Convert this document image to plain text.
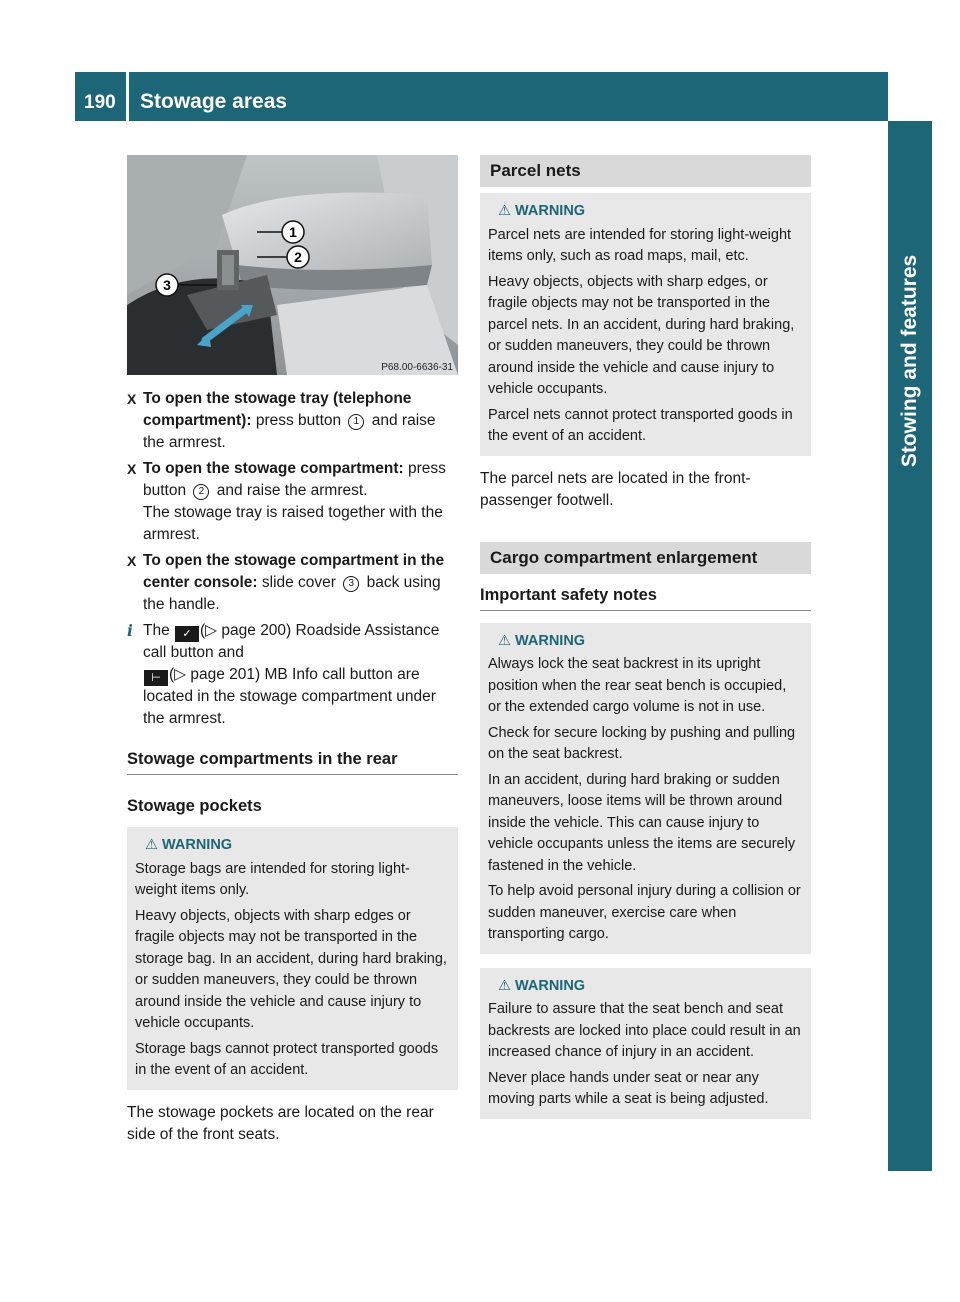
190 Stowage areas
Stowing and features
1
2
3
P68.00-6636-31
X To open the stowage tray (telephone compartment): press button 1 and raise the armrest.

X To open the stowage compartment: press button 2 and raise the armrest.

The stowage tray is raised together with the armrest.

X To open the stowage compartment in the center console: slide cover 3 back using the handle.

i The ✓ (▷ page 200) Roadside Assistance call button and
⊢ (▷ page 201) MB Info call button are located in the stowage compartment under the armrest.

Stowage compartments in the rear
Stowage pockets
⚠ WARNING

Storage bags are intended for storing light-weight items only.

Heavy objects, objects with sharp edges or fragile objects may not be transported in the storage bag. In an accident, during hard braking, or sudden maneuvers, they could be thrown around inside the vehicle and cause injury to vehicle occupants.

Storage bags cannot protect transported goods in the event of an accident.

The stowage pockets are located on the rear side of the front seats.

Parcel nets
⚠ WARNING

Parcel nets are intended for storing light-weight items only, such as road maps, mail, etc.

Heavy objects, objects with sharp edges, or fragile objects may not be transported in the parcel nets. In an accident, during hard braking, or sudden maneuvers, they could be thrown around inside the vehicle and cause injury to vehicle occupants.

Parcel nets cannot protect transported goods in the event of an accident.

The parcel nets are located in the front-passenger footwell.

Cargo compartment enlargement
Important safety notes
⚠ WARNING

Always lock the seat backrest in its upright position when the rear seat bench is occupied, or the extended cargo volume is not in use.

Check for secure locking by pushing and pulling on the seat backrest.

In an accident, during hard braking or sudden maneuvers, loose items will be thrown around inside the vehicle. This can cause injury to vehicle occupants unless the items are securely fastened in the vehicle.

To help avoid personal injury during a collision or sudden maneuver, exercise care when transporting cargo.

⚠ WARNING

Failure to assure that the seat bench and seat backrests are locked into place could result in an increased chance of injury in an accident.

Never place hands under seat or near any moving parts while a seat is being adjusted.
